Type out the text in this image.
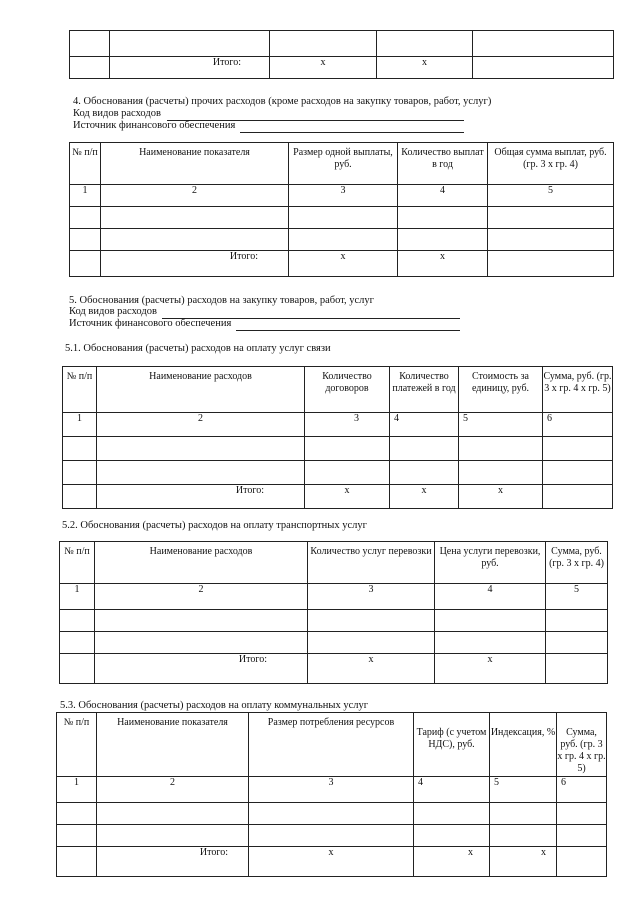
	Итого:	х	х	
4. Обоснования (расчеты) прочих расходов (кроме расходов на закупку товаров, работ, услуг)
Код видов расходов
Источник финансового обеспечения
№ п/п	Наименование показателя	Размер одной выплаты, руб.	Количество выплат в год	Общая сумма выплат, руб. (гр. 3 х гр. 4)
1	2	3	4	5

	Итого:	х	х	
5. Обоснования (расчеты) расходов на закупку товаров, работ, услуг
Код видов расходов
Источник финансового обеспечения
5.1. Обоснования (расчеты) расходов на оплату услуг связи
№ п/п	Наименование расходов	Количество договоров	Количество платежей в год	Стоимость за единицу, руб.	Сумма, руб. (гр. 3 х гр. 4 х гр. 5)
1	2	3	4	5	6

	Итого:	х	х	х	
5.2. Обоснования (расчеты) расходов на оплату транспортных услуг
№ п/п	Наименование расходов	Количество услуг перевозки	Цена услуги перевозки, руб.	Сумма, руб. (гр. 3 х гр. 4)
1	2	3	4	5

	Итого:	х	х	
5.3. Обоснования (расчеты) расходов на оплату коммунальных услуг
№ п/п	Наименование показателя	Размер потребления ресурсов	Тариф (с учетом НДС), руб.	Индексация, %	Сумма, руб. (гр. 3 х гр. 4 х гр. 5)
1	2	3	4	5	6

	Итого:	х	х	х	
